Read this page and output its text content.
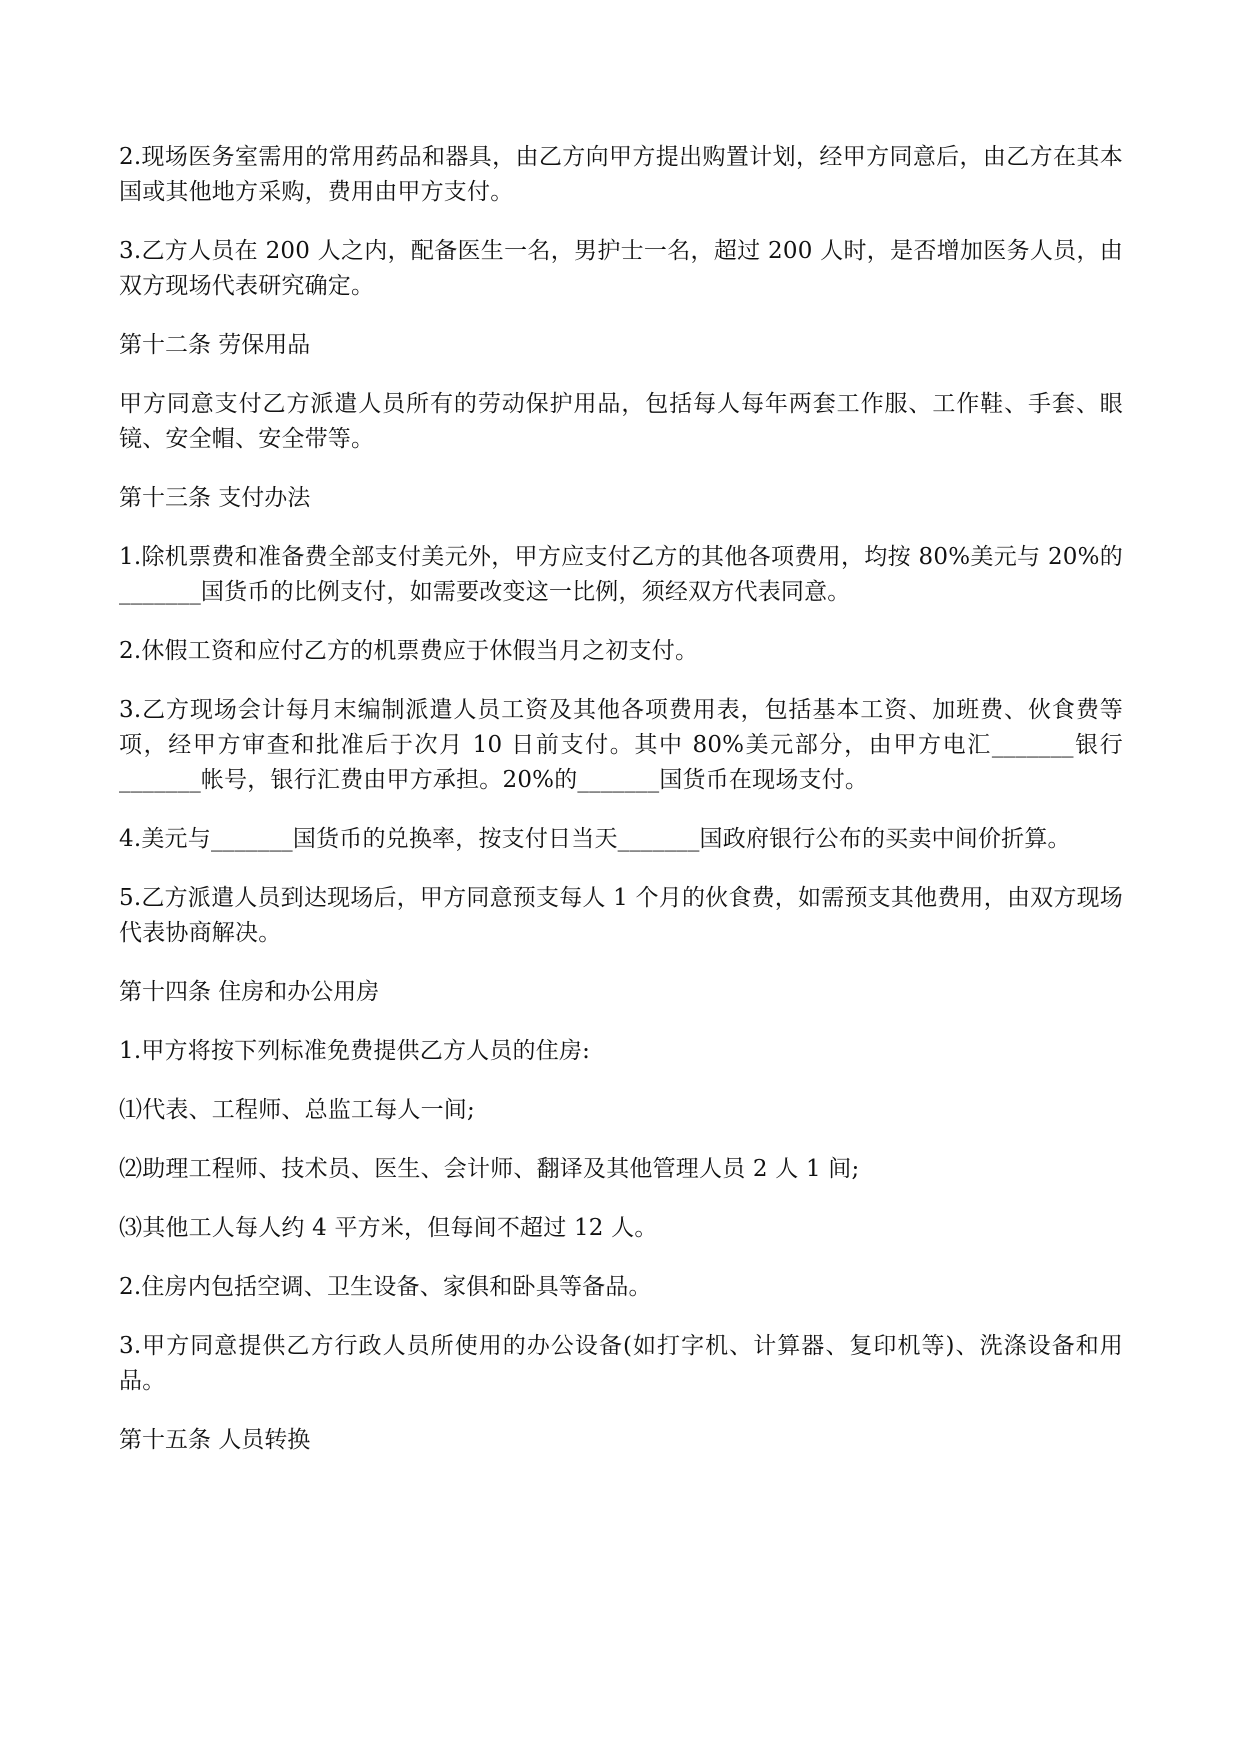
2.现场医务室需用的常用药品和器具，由乙方向甲方提出购置计划，经甲方同意后，由乙方在其本国或其他地方采购，费用由甲方支付。

3.乙方人员在 200 人之内，配备医生一名，男护士一名，超过 200 人时，是否增加医务人员，由双方现场代表研究确定。

第十二条 劳保用品

甲方同意支付乙方派遣人员所有的劳动保护用品，包括每人每年两套工作服、工作鞋、手套、眼镜、安全帽、安全带等。

第十三条 支付办法

1.除机票费和准备费全部支付美元外，甲方应支付乙方的其他各项费用，均按 80%美元与 20%的_______国货币的比例支付，如需要改变这一比例，须经双方代表同意。

2.休假工资和应付乙方的机票费应于休假当月之初支付。

3.乙方现场会计每月末编制派遣人员工资及其他各项费用表，包括基本工资、加班费、伙食费等项，经甲方审查和批准后于次月 10 日前支付。其中 80%美元部分，由甲方电汇_______银行_______帐号，银行汇费由甲方承担。20%的_______国货币在现场支付。

4.美元与_______国货币的兑换率，按支付日当天_______国政府银行公布的买卖中间价折算。

5.乙方派遣人员到达现场后，甲方同意预支每人 1 个月的伙食费，如需预支其他费用，由双方现场代表协商解决。

第十四条 住房和办公用房

1.甲方将按下列标准免费提供乙方人员的住房:

⑴代表、工程师、总监工每人一间;

⑵助理工程师、技术员、医生、会计师、翻译及其他管理人员 2 人 1 间;

⑶其他工人每人约 4 平方米，但每间不超过 12 人。

2.住房内包括空调、卫生设备、家俱和卧具等备品。

3.甲方同意提供乙方行政人员所使用的办公设备(如打字机、计算器、复印机等)、洗涤设备和用品。

第十五条 人员转换
